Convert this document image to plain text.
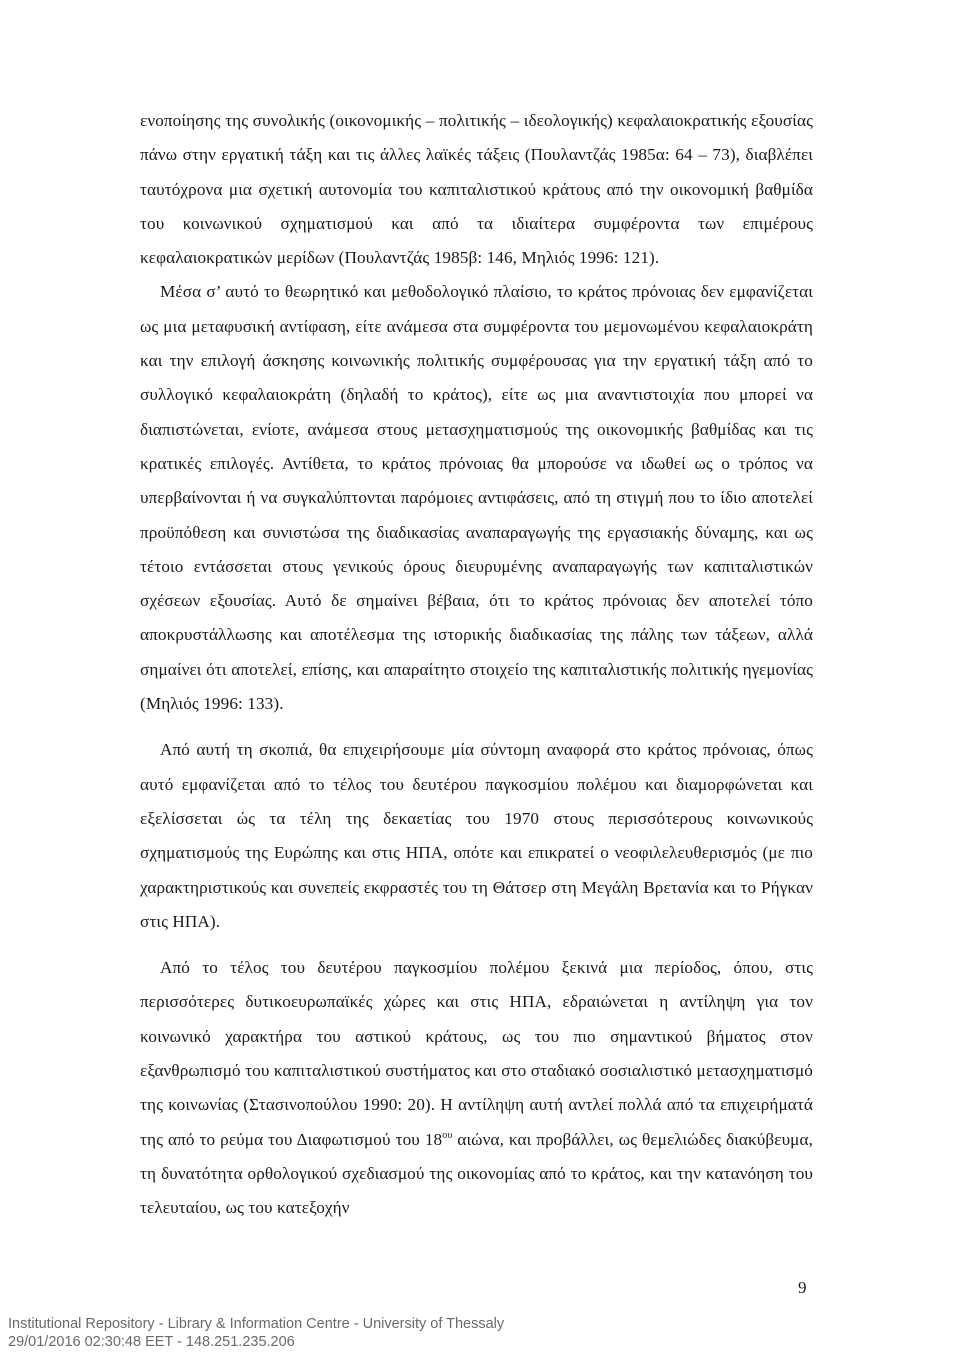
ενοποίησης της συνολικής (οικονομικής – πολιτικής – ιδεολογικής) κεφαλαιοκρατικής εξουσίας πάνω στην εργατική τάξη και τις άλλες λαϊκές τάξεις (Πουλαντζάς 1985α: 64 – 73), διαβλέπει ταυτόχρονα μια σχετική αυτονομία του καπιταλιστικού κράτους από την οικονομική βαθμίδα του κοινωνικού σχηματισμού και από τα ιδιαίτερα συμφέροντα των επιμέρους κεφαλαιοκρατικών μερίδων (Πουλαντζάς 1985β: 146, Μηλιός 1996: 121).

Μέσα σ’ αυτό το θεωρητικό και μεθοδολογικό πλαίσιο, το κράτος πρόνοιας δεν εμφανίζεται ως μια μεταφυσική αντίφαση, είτε ανάμεσα στα συμφέροντα του μεμονωμένου κεφαλαιοκράτη και την επιλογή άσκησης κοινωνικής πολιτικής συμφέρουσας για την εργατική τάξη από το συλλογικό κεφαλαιοκράτη (δηλαδή το κράτος), είτε ως μια αναντιστοιχία που μπορεί να διαπιστώνεται, ενίοτε, ανάμεσα στους μετασχηματισμούς της οικονομικής βαθμίδας και τις κρατικές επιλογές. Αντίθετα, το κράτος πρόνοιας θα μπορούσε να ιδωθεί ως ο τρόπος να υπερβαίνονται ή να συγκαλύπτονται παρόμοιες αντιφάσεις, από τη στιγμή που το ίδιο αποτελεί προϋπόθεση και συνιστώσα της διαδικασίας αναπαραγωγής της εργασιακής δύναμης, και ως τέτοιο εντάσσεται στους γενικούς όρους διευρυμένης αναπαραγωγής των καπιταλιστικών σχέσεων εξουσίας. Αυτό δε σημαίνει βέβαια, ότι το κράτος πρόνοιας δεν αποτελεί τόπο αποκρυστάλλωσης και αποτέλεσμα της ιστορικής διαδικασίας της πάλης των τάξεων, αλλά σημαίνει ότι αποτελεί, επίσης, και απαραίτητο στοιχείο της καπιταλιστικής πολιτικής ηγεμονίας (Μηλιός 1996: 133).

Από αυτή τη σκοπιά, θα επιχειρήσουμε μία σύντομη αναφορά στο κράτος πρόνοιας, όπως αυτό εμφανίζεται από το τέλος του δευτέρου παγκοσμίου πολέμου και διαμορφώνεται και εξελίσσεται ώς τα τέλη της δεκαετίας του 1970 στους περισσότερους κοινωνικούς σχηματισμούς της Ευρώπης και στις ΗΠΑ, οπότε και επικρατεί ο νεοφιλελευθερισμός (με πιο χαρακτηριστικούς και συνεπείς εκφραστές του τη Θάτσερ στη Μεγάλη Βρετανία και το Ρήγκαν στις ΗΠΑ).

Από το τέλος του δευτέρου παγκοσμίου πολέμου ξεκινά μια περίοδος, όπου, στις περισσότερες δυτικοευρωπαϊκές χώρες και στις ΗΠΑ, εδραιώνεται η αντίληψη για τον κοινωνικό χαρακτήρα του αστικού κράτους, ως του πιο σημαντικού βήματος στον εξανθρωπισμό του καπιταλιστικού συστήματος και στο σταδιακό σοσιαλιστικό μετασχηματισμό της κοινωνίας (Στασινοπούλου 1990: 20). Η αντίληψη αυτή αντλεί πολλά από τα επιχειρήματά της από το ρεύμα του Διαφωτισμού του $18^{o\upsilon}$ αιώνα, και προβάλλει, ως θεμελιώδες διακύβευμα, τη δυνατότητα ορθολογικού σχεδιασμού της οικονομίας από το κράτος, και την κατανόηση του τελευταίου, ως του κατεξοχήν

9
Institutional Repository - Library & Information Centre - University of Thessaly
29/01/2016 02:30:48 EET - 148.251.235.206
